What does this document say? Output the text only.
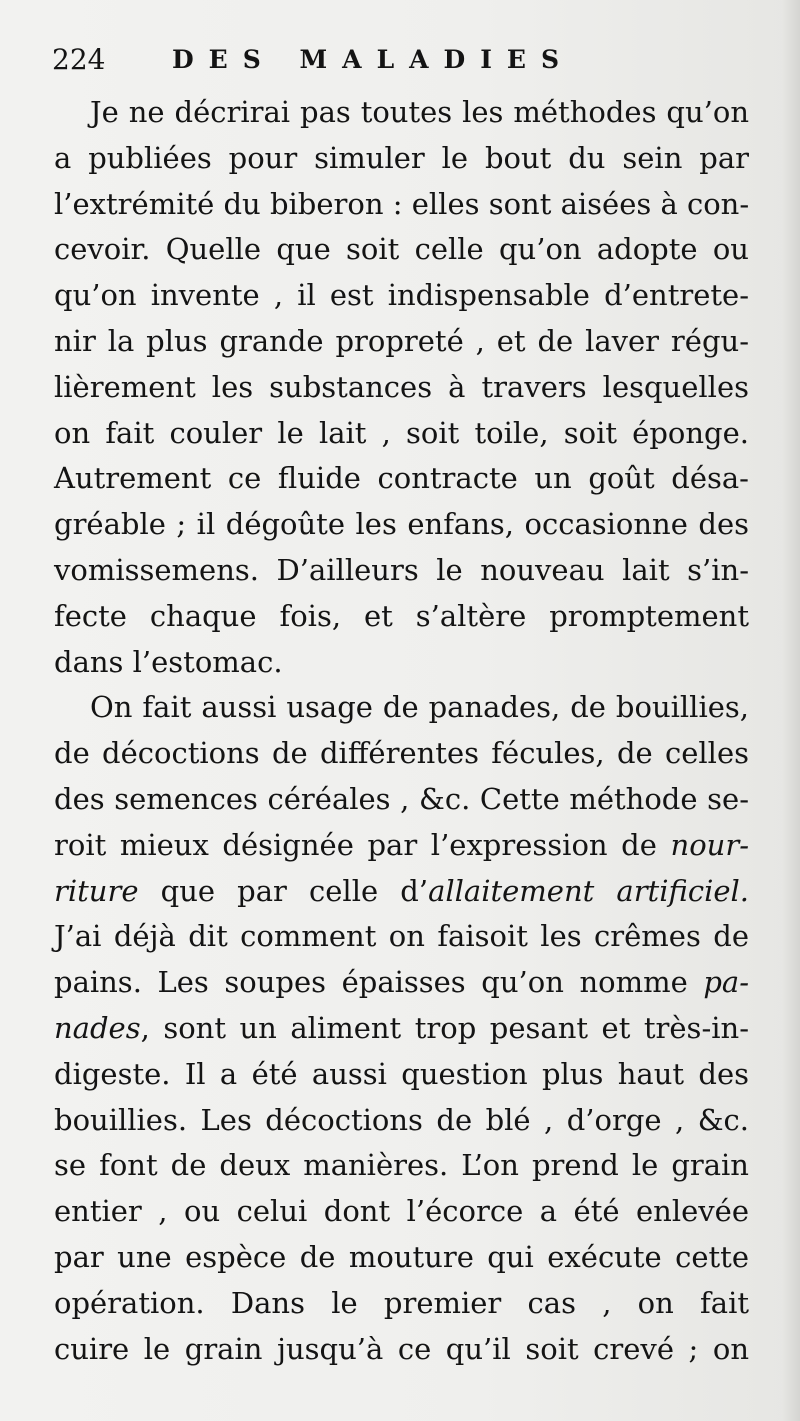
224	DES MALADIES
Je ne décrirai pas toutes les méthodes qu’on
a publiées pour simuler le bout du sein par
l’extrémité du biberon : elles sont aisées à con-
cevoir. Quelle que soit celle qu’on adopte ou
qu’on invente , il est indispensable d’entrete-
nir la plus grande propreté , et de laver régu-
lièrement les substances à travers lesquelles
on fait couler le lait , soit toile, soit éponge.
Autrement ce fluide contracte un goût désa-
gréable ; il dégoûte les enfans, occasionne des
vomissemens. D’ailleurs le nouveau lait s’in-
fecte chaque fois, et s’altère promptement
dans l’estomac.
On fait aussi usage de panades, de bouillies,
de décoctions de différentes fécules, de celles
des semences céréales , &c. Cette méthode se-
roit mieux désignée par l’expression de nour-
riture que par celle d’allaitement artificiel.
J’ai déjà dit comment on faisoit les crêmes de
pains. Les soupes épaisses qu’on nomme pa-
nades, sont un aliment trop pesant et très-in-
digeste. Il a été aussi question plus haut des
bouillies. Les décoctions de blé , d’orge , &c.
se font de deux manières. L’on prend le grain
entier , ou celui dont l’écorce a été enlevée
par une espèce de mouture qui exécute cette
opération. Dans le premier cas , on fait
cuire le grain jusqu’à ce qu’il soit crevé ; on
